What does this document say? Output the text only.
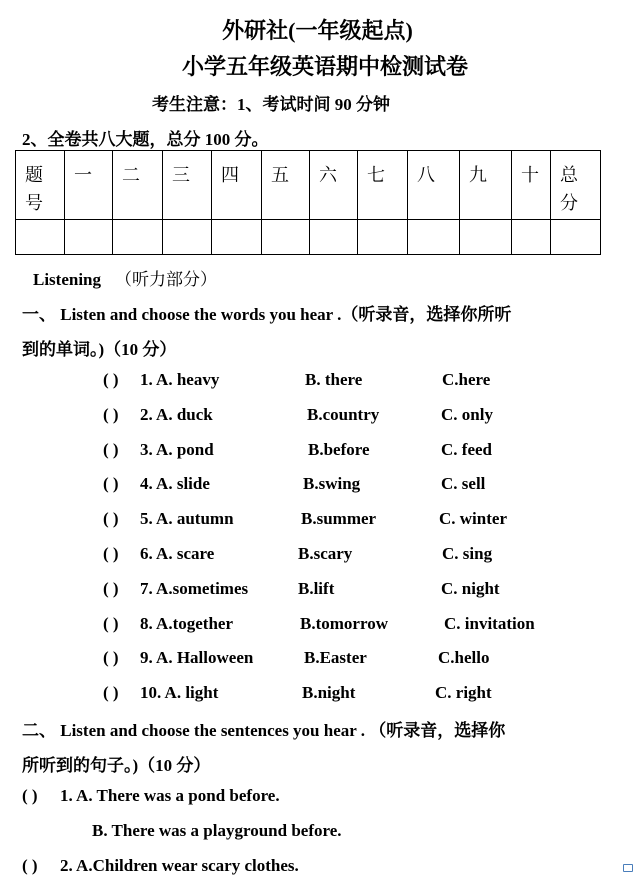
外研社(一年级起点)
小学五年级英语期中检测试卷
考生注意：1、考试时间 90 分钟
2、全卷共八大题，总分 100 分。
题号	一	二	三	四	五	六	七	八	九	十	总分

Listening （听力部分）
一、 Listen and choose the words you hear .（听录音，选择你所听
到的单词。)（10 分）
( ) 1. A. heavy	B. there	C.here
( ) 2. A. duck	B.country	C. only
( ) 3. A. pond	B.before	C. feed
( ) 4. A. slide	B.swing	C. sell
( ) 5. A. autumn	B.summer	C. winter
( ) 6. A. scare	B.scary	C. sing
( ) 7. A.sometimes	B.lift	C. night
( ) 8. A.together	B.tomorrow	C. invitation
( ) 9. A. Halloween	B.Easter	C.hello
( ) 10. A. light	B.night	C. right
二、 Listen and choose the sentences you hear . （听录音，选择你
所听到的句子。)（10 分）
( ) 1. A. There was a pond before.
B. There was a playground before.
( ) 2. A.Children wear scary clothes.
